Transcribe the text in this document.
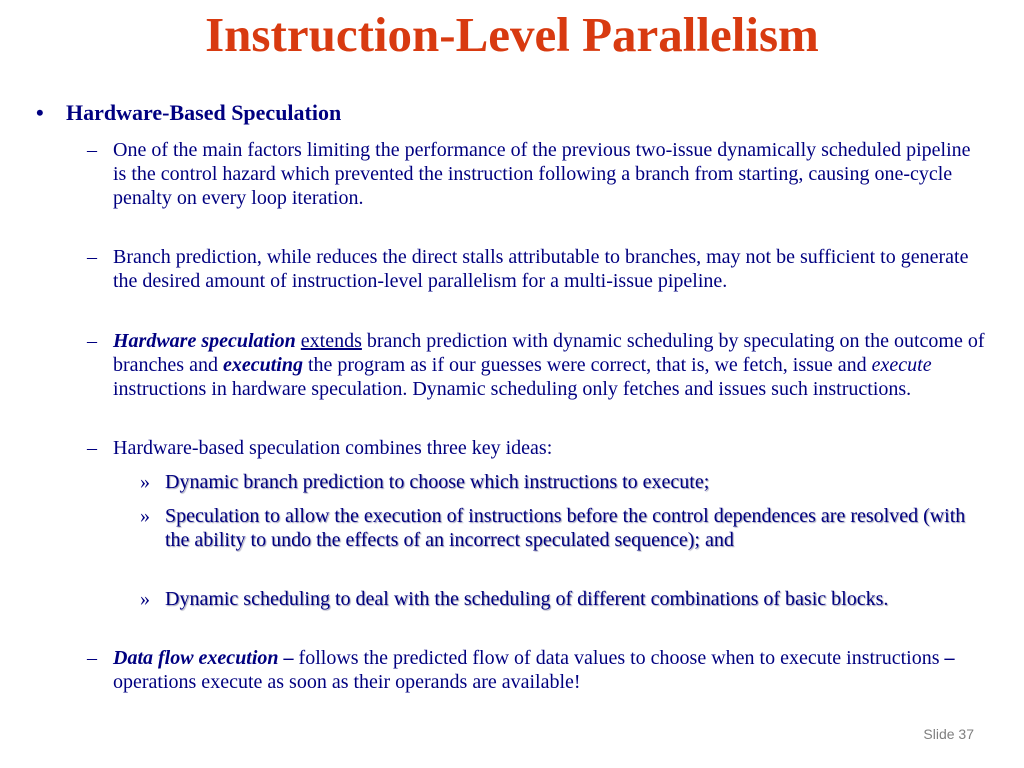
Instruction-Level Parallelism
• Hardware-Based Speculation
– One of the main factors limiting the performance of the previous two-issue dynamically scheduled pipeline is the control hazard which prevented the instruction following a branch from starting, causing one-cycle penalty on every loop iteration.
– Branch prediction, while reduces the direct stalls attributable to branches, may not be sufficient to generate the desired amount of instruction-level parallelism for a multi-issue pipeline.
– Hardware speculation extends branch prediction with dynamic scheduling by speculating on the outcome of branches and executing the program as if our guesses were correct, that is, we fetch, issue and execute instructions in hardware speculation. Dynamic scheduling only fetches and issues such instructions.
– Hardware-based speculation combines three key ideas:
» Dynamic branch prediction to choose which instructions to execute;
» Speculation to allow the execution of instructions before the control dependences are resolved (with the ability to undo the effects of an incorrect speculated sequence); and
» Dynamic scheduling to deal with the scheduling of different combinations of basic blocks.
– Data flow execution – follows the predicted flow of data values to choose when to execute instructions – operations execute as soon as their operands are available!
Slide 37
